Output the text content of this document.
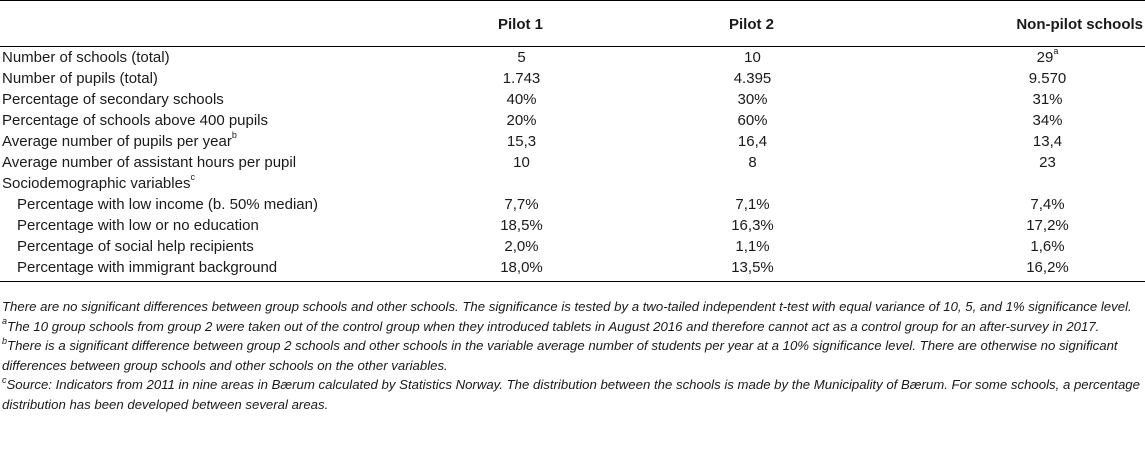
	Pilot 1	Pilot 2	Non-pilot schools
Number of schools (total)	5	10	29$^a$
Number of pupils (total)	1.743	4.395	9.570
Percentage of secondary schools	40%	30%	31%
Percentage of schools above 400 pupils	20%	60%	34%
Average number of pupils per year$^b$	15,3	16,4	13,4
Average number of assistant hours per pupil	10	8	23
Sociodemographic variables$^c$			
Percentage with low income (b. 50% median)	7,7%	7,1%	7,4%
Percentage with low or no education	18,5%	16,3%	17,2%
Percentage of social help recipients	2,0%	1,1%	1,6%
Percentage with immigrant background	18,0%	13,5%	16,2%

There are no significant differences between group schools and other schools. The significance is tested by a two-tailed independent t-test with equal variance of 10, 5, and 1% significance level.

$^a$The 10 group schools from group 2 were taken out of the control group when they introduced tablets in August 2016 and therefore cannot act as a control group for an after-survey in 2017.

$^b$There is a significant difference between group 2 schools and other schools in the variable average number of students per year at a 10% significance level. There are otherwise no significant differences between group schools and other schools on the other variables.

$^c$Source: Indicators from 2011 in nine areas in Bærum calculated by Statistics Norway. The distribution between the schools is made by the Municipality of Bærum. For some schools, a percentage distribution has been developed between several areas.
